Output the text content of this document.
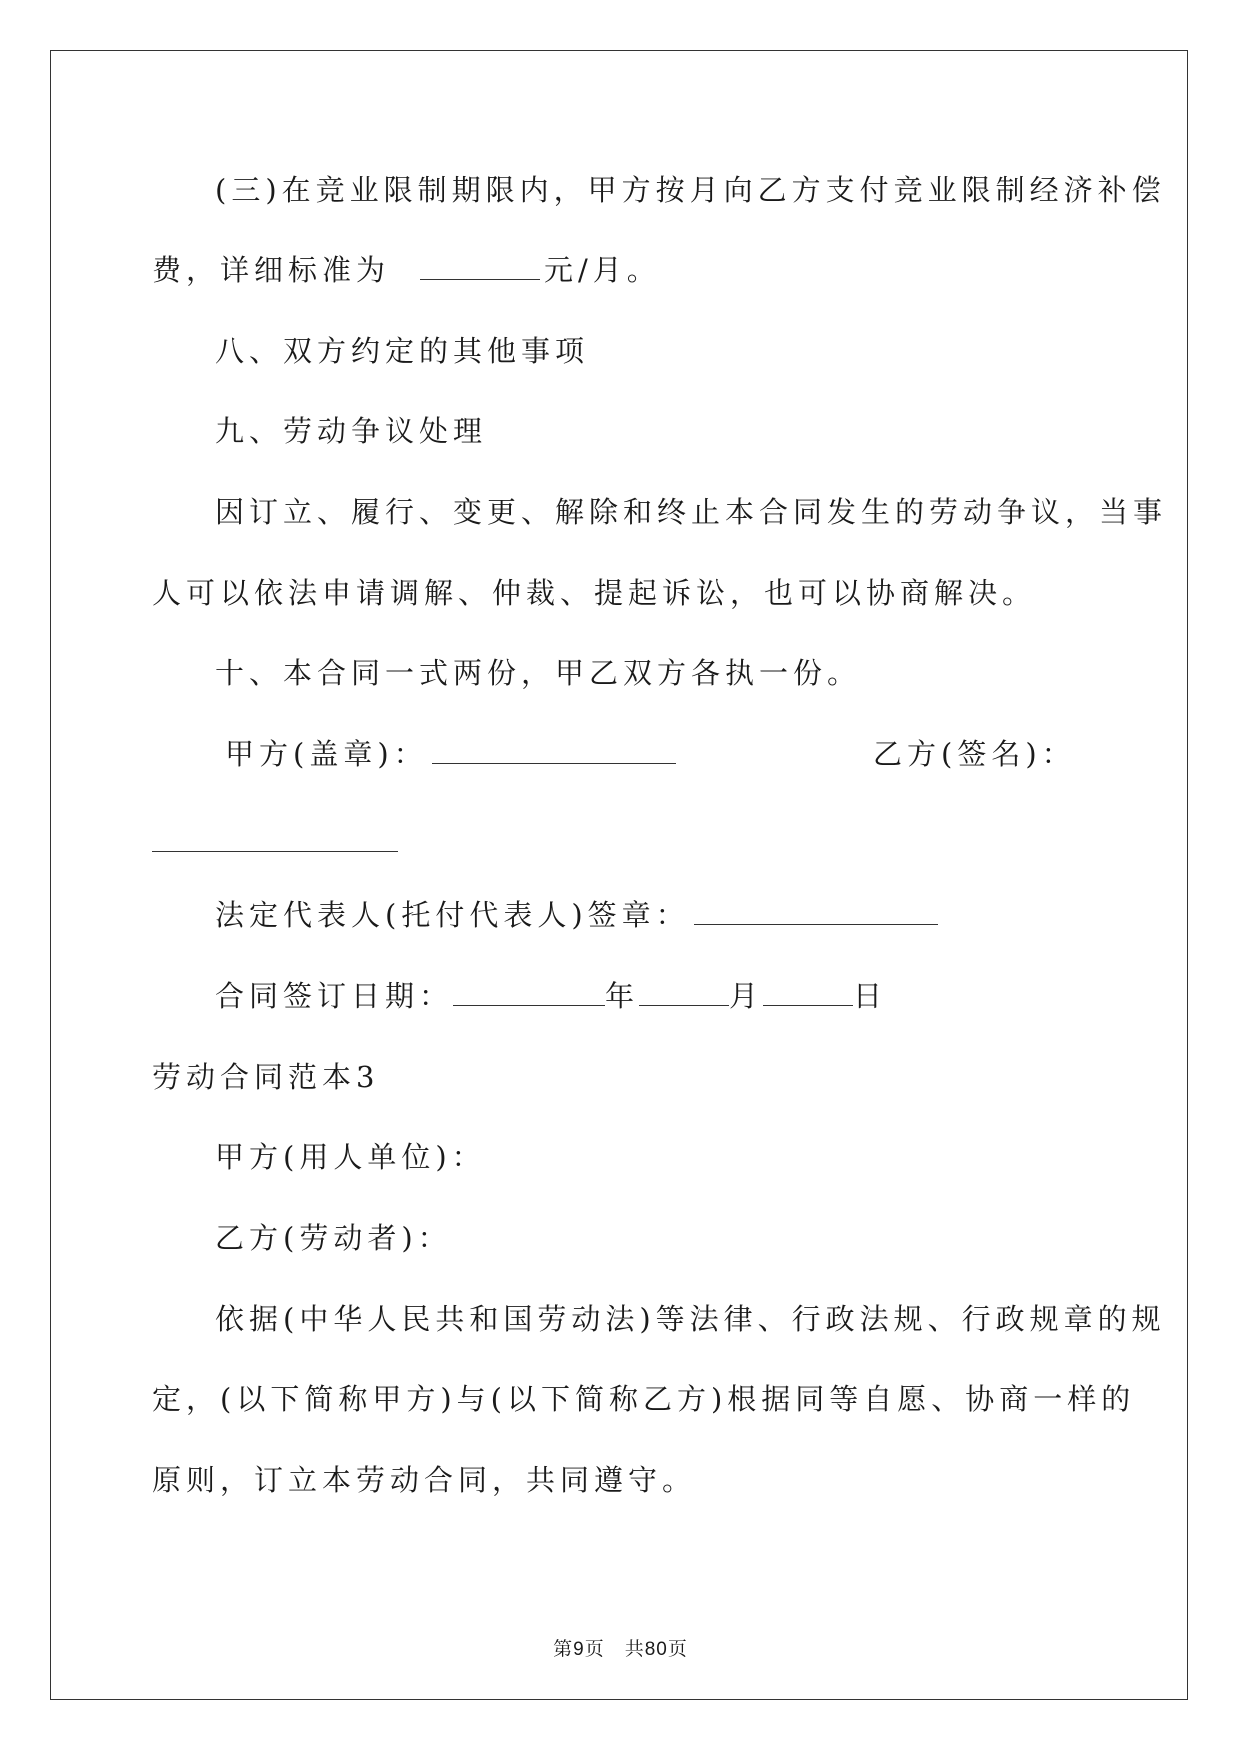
(三)在竞业限制期限内，甲方按月向乙方支付竞业限制经济补偿
费，详细标准为	元/月。
八、双方约定的其他事项
九、劳动争议处理
因订立、履行、变更、解除和终止本合同发生的劳动争议，当事
人可以依法申请调解、仲裁、提起诉讼，也可以协商解决。
十、本合同一式两份，甲乙双方各执一份。
甲方(盖章)：	乙方(签名)：
法定代表人(托付代表人)签章：
合同签订日期：	年	月	日
劳动合同范本3
甲方(用人单位)：
乙方(劳动者)：
依据(中华人民共和国劳动法)等法律、行政法规、行政规章的规
定，(以下简称甲方)与(以下简称乙方)根据同等自愿、协商一样的
原则，订立本劳动合同，共同遵守。
第9页　共80页
